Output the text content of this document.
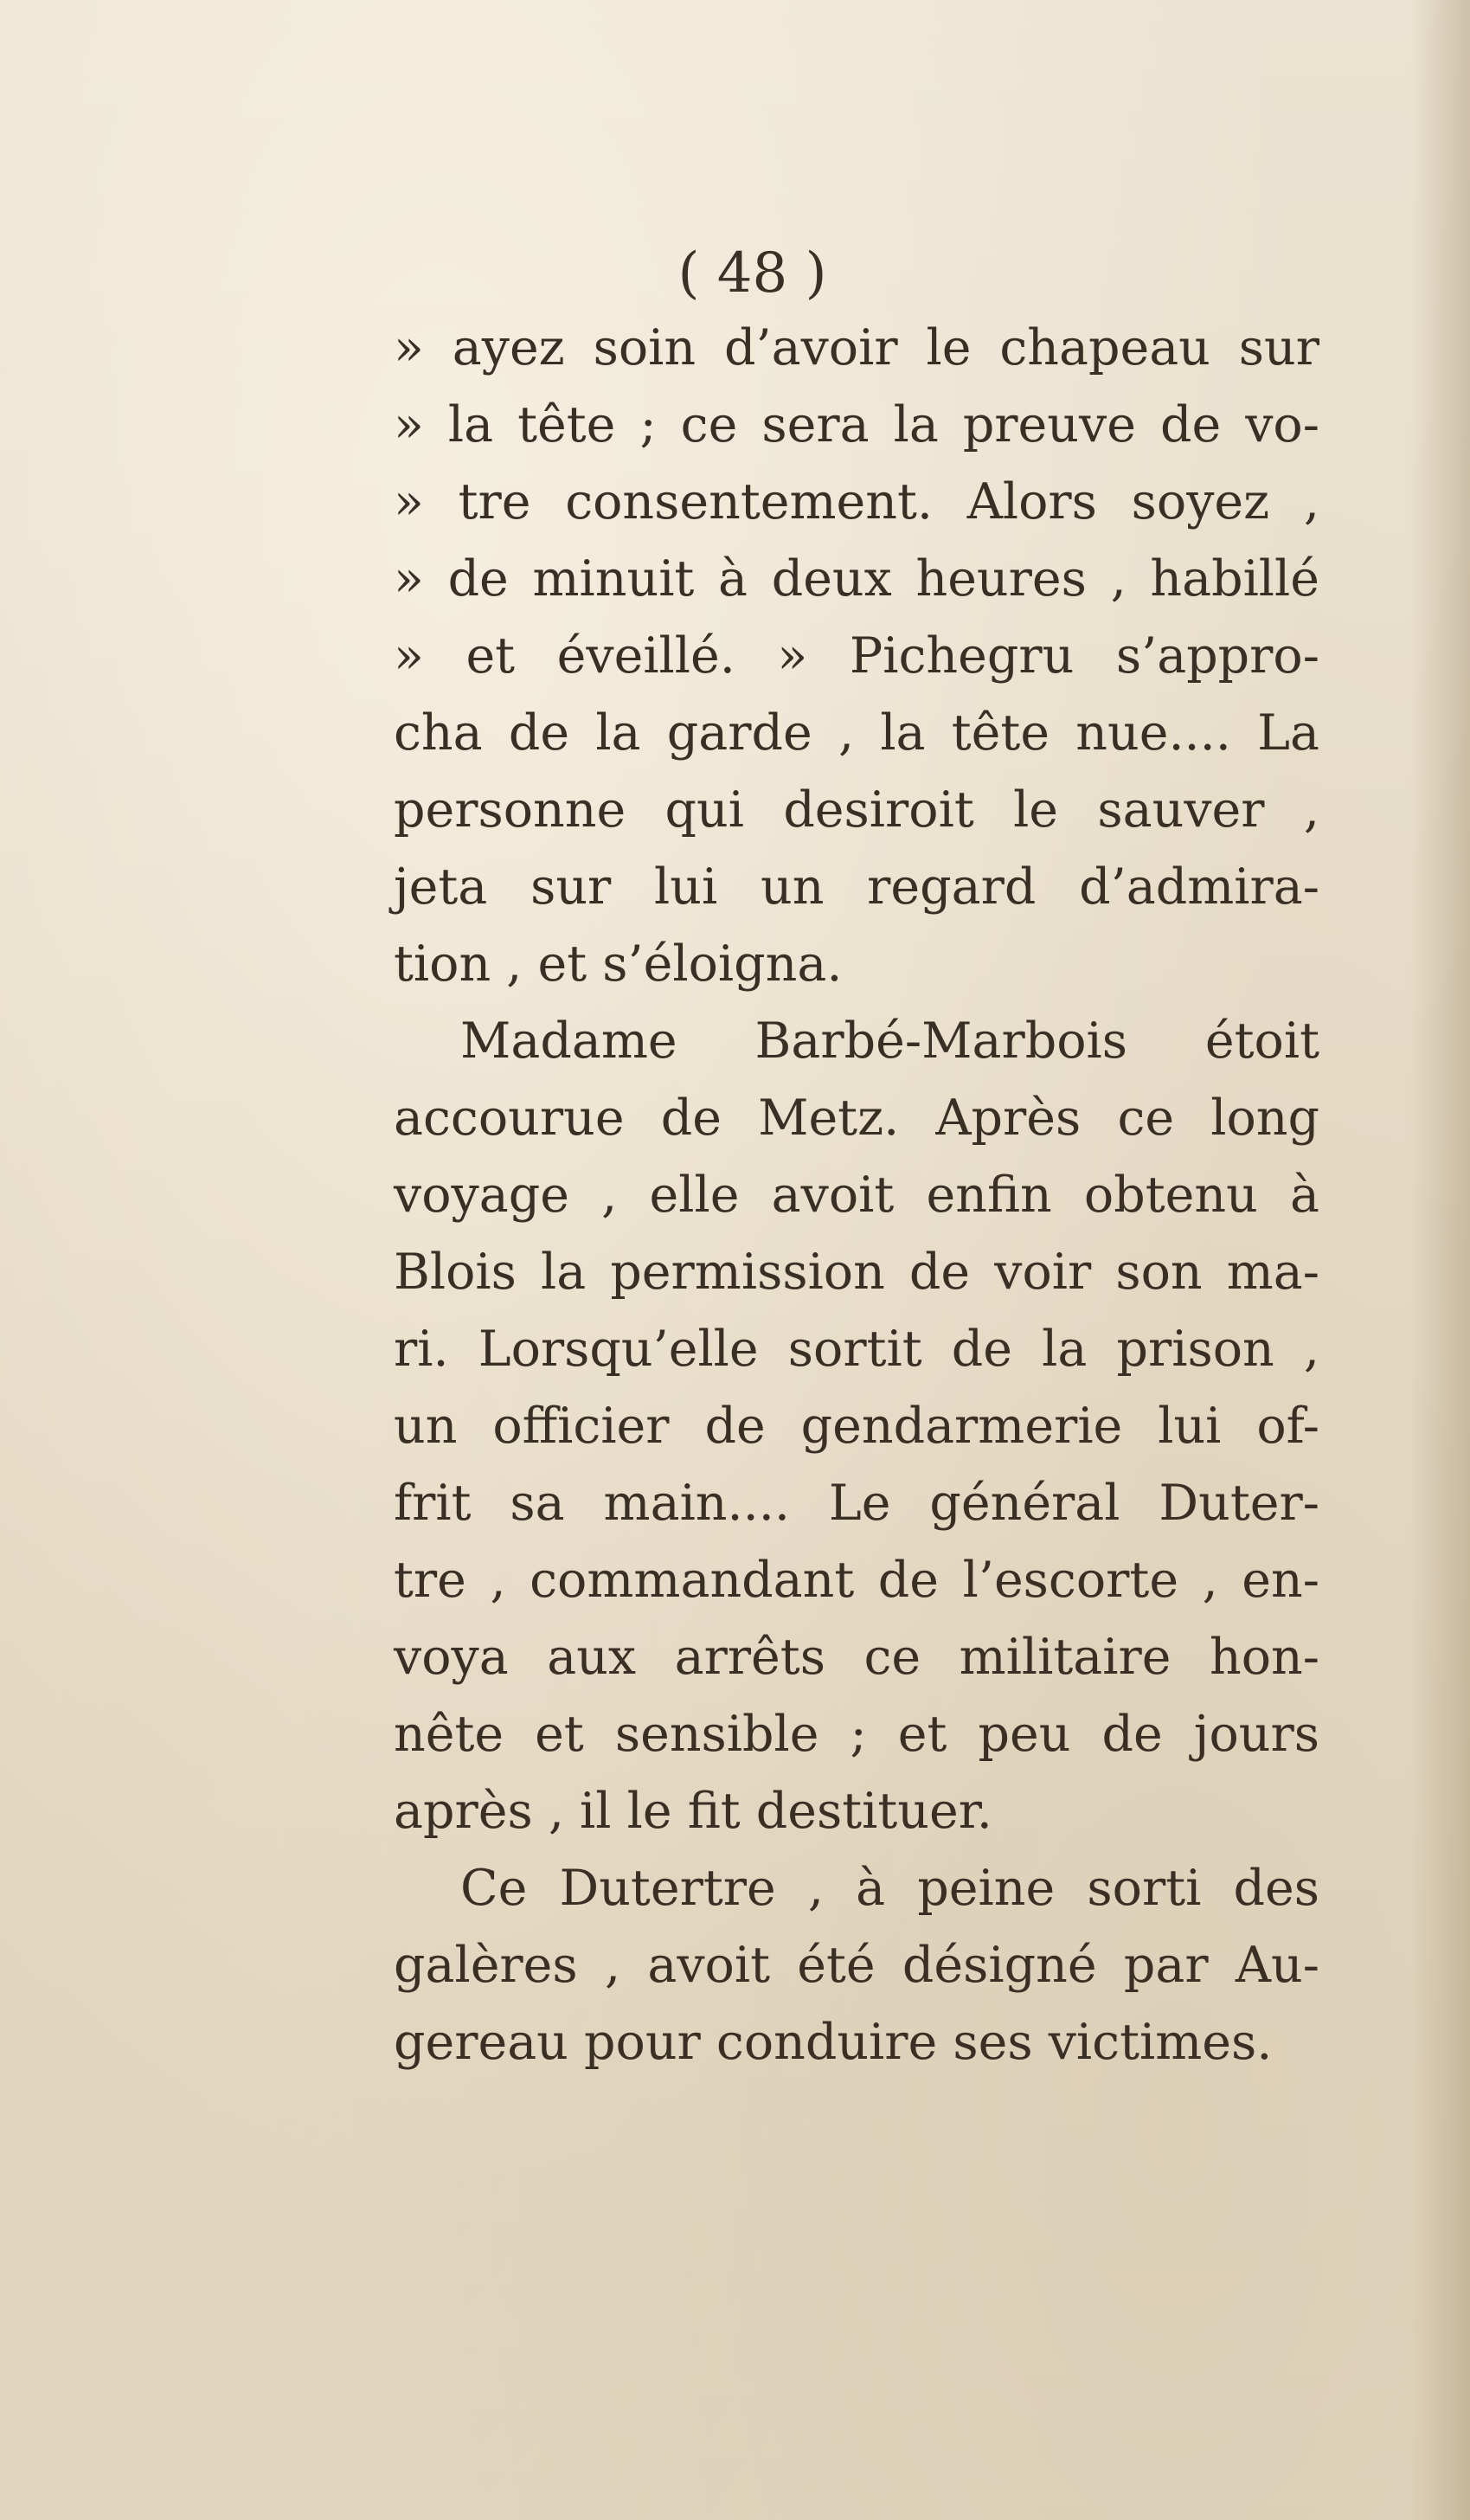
( 48 )
» ayez soin d’avoir le chapeau sur
» la tête ; ce sera la preuve de vo-
» tre consentement. Alors soyez ,
» de minuit à deux heures , habillé
» et éveillé. » Pichegru s’appro-
cha de la garde , la tête nue.... La
personne qui desiroit le sauver ,
jeta sur lui un regard d’admira-
tion , et s’éloigna.
Madame Barbé-Marbois étoit
accourue de Metz. Après ce long
voyage , elle avoit enfin obtenu à
Blois la permission de voir son ma-
ri. Lorsqu’elle sortit de la prison ,
un officier de gendarmerie lui of-
frit sa main.... Le général Duter-
tre , commandant de l’escorte , en-
voya aux arrêts ce militaire hon-
nête et sensible ; et peu de jours
après , il le fit destituer.
Ce Dutertre , à peine sorti des
galères , avoit été désigné par Au-
gereau pour conduire ses victimes.
